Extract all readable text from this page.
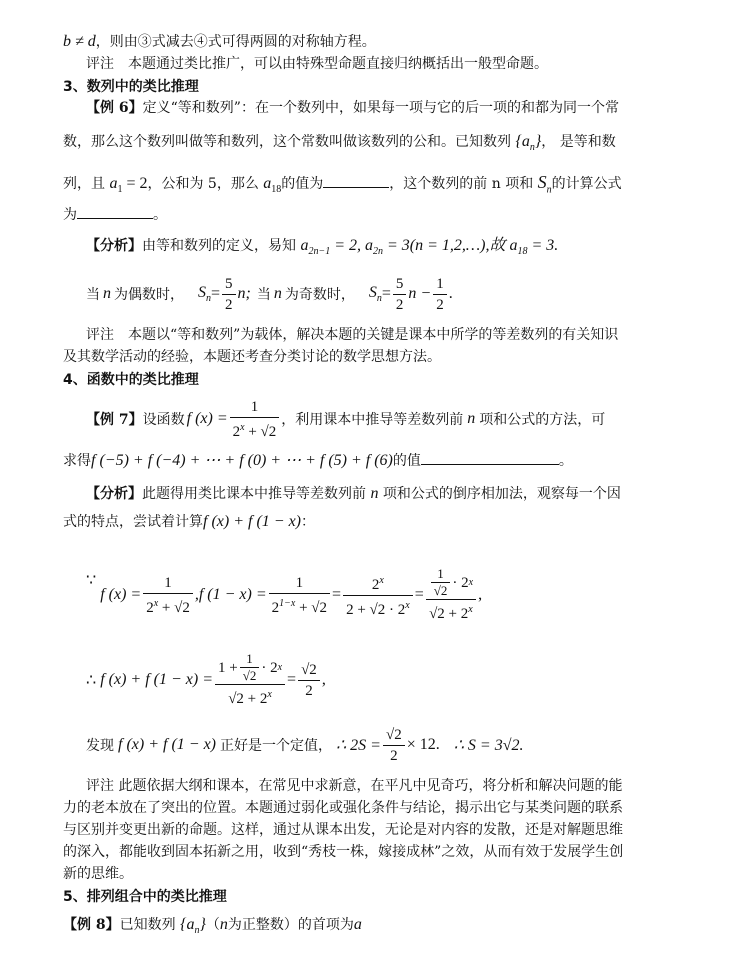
b ≠ d，则由③式减去④式可得两圆的对称轴方程。
评注　本题通过类比推广，可以由特殊型命题直接归纳概括出一般型命题。
3、数列中的类比推理
【例 6】定义“等和数列”：在一个数列中，如果每一项与它的后一项的和都为同一个常
数，那么这个数列叫做等和数列，这个常数叫做该数列的公和。已知数列 $\{a_n\}$， 是等和数
列，且 $a_1 = 2$，公和为 5，那么 $a_{18}$的值为	，这个数列的前 n 项和 $S_n$的计算公式
为	。
【分析】由等和数列的定义，易知 $a_{2n-1} = 2$, $a_{2n} = 3(n$ = 1,2,…),故 $a_{18} = 3$.
当 n 为偶数时， $S_n = \frac{5}{2} n$; 当 n 为奇数时， $S_n = \frac{5}{2}$ $n - \frac{1}{2}$ .
评注　本题以“等和数列”为载体，解决本题的关键是课本中所学的等差数列的有关知识
及其数学活动的经验，本题还考查分类讨论的数学思想方法。
4、函数中的类比推理
【例 7】 设函数 f $(x) = \frac{1}{2^x + √2}$ ，利用课本中推导等差数列前 n 项和公式的方法，可
求得f (−5) + f (−4) + ⋯ + f (0) + ⋯ + f (5) + f (6)的值	。
【分析】此题得用类比课本中推导等差数列前 n 项和公式的倒序相加法，观察每一个因
式的特点，尝试着计算f (x) + f (1 − x)：
∵
f $(x) = \frac{1}{2^x + √2} ,f$ $(1 - x) = \frac{1}{2^{1-x} + √2} = \frac{2^x}{2 + √2 \cdot 2^x} = \frac{\frac{1}{√2} \cdot 2 x}{√2 + 2^x}$ ,
∴ f (x) + f $(1 - x) = \frac{1 + \frac{1}{√2} \cdot 2 x}{√2 + 2^x} = \frac{√2}{2}$ ,
发现 f (x) + f (1 − x) 正好是一个定值， ∴ $2S = \frac{√2}{2} \times 12$. ∴ S = 3√2.
评注 此题依据大纲和课本，在常见中求新意，在平凡中见奇巧，将分析和解决问题的能
力的老本放在了突出的位置。本题通过弱化或强化条件与结论，揭示出它与某类问题的联系
与区别并变更出新的命题。这样，通过从课本出发，无论是对内容的发散，还是对解题思维
的深入，都能收到固本拓新之用，收到“秀枝一株，嫁接成林”之效，从而有效于发展学生创
新的思维。
5、排列组合中的类比推理
【例 8】已知数列 $\{a_n\}(n$为正整数）的首项为a
